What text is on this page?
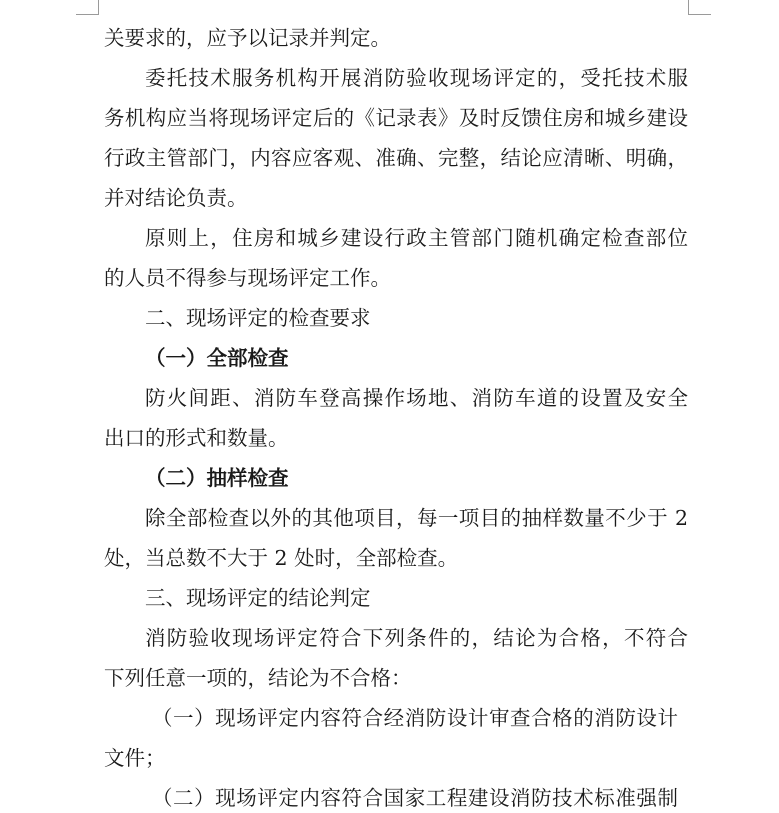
关要求的，应予以记录并判定。
委托技术服务机构开展消防验收现场评定的，受托技术服
务机构应当将现场评定后的《记录表》及时反馈住房和城乡建设
行政主管部门，内容应客观、准确、完整，结论应清晰、明确，
并对结论负责。
原则上，住房和城乡建设行政主管部门随机确定检查部位
的人员不得参与现场评定工作。
二、现场评定的检查要求
（一）全部检查
防火间距、消防车登高操作场地、消防车道的设置及安全
出口的形式和数量。
（二）抽样检查
除全部检查以外的其他项目，每一项目的抽样数量不少于 2
处，当总数不大于 2 处时，全部检查。
三、现场评定的结论判定
消防验收现场评定符合下列条件的，结论为合格，不符合
下列任意一项的，结论为不合格：
（一）现场评定内容符合经消防设计审查合格的消防设计
文件；
（二）现场评定内容符合国家工程建设消防技术标准强制
